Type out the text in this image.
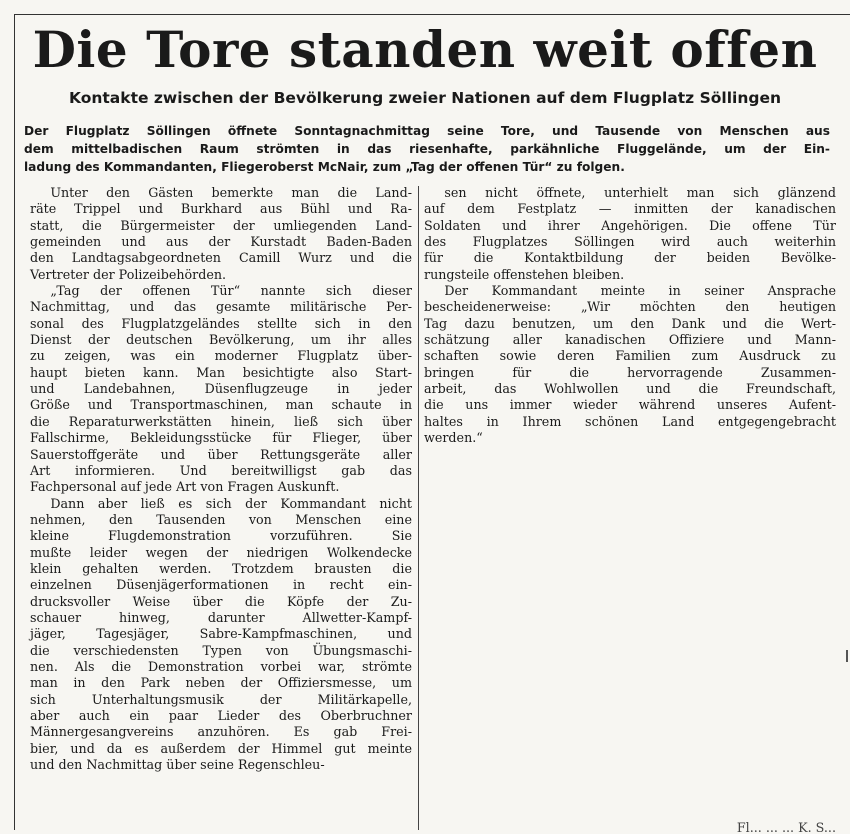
Die Tore standen weit offen
Kontakte zwischen der Bevölkerung zweier Nationen auf dem Flugplatz Söllingen
Der Flugplatz Söllingen öffnete Sonntagnachmittag seine Tore, und Tausende von Menschen aus
dem mittelbadischen Raum strömten in das riesenhafte, parkähnliche Fluggelände, um der Ein-
ladung des Kommandanten, Fliegeroberst McNair, zum „Tag der offenen Tür“ zu folgen.

Unter den Gästen bemerkte man die Land-
räte Trippel und Burkhard aus Bühl und Ra-
statt, die Bürgermeister der umliegenden Land-
gemeinden und aus der Kurstadt Baden-Baden
den Landtagsabgeordneten Camill Wurz und die
Vertreter der Polizeibehörden.

„Tag der offenen Tür“ nannte sich dieser
Nachmittag, und das gesamte militärische Per-
sonal des Flugplatzgeländes stellte sich in den
Dienst der deutschen Bevölkerung, um ihr alles
zu zeigen, was ein moderner Flugplatz über-
haupt bieten kann. Man besichtigte also Start-
und Landebahnen, Düsenflugzeuge in jeder
Größe und Transportmaschinen, man schaute in
die Reparaturwerkstätten hinein, ließ sich über
Fallschirme, Bekleidungsstücke für Flieger, über
Sauerstoffgeräte und über Rettungsgeräte aller
Art informieren. Und bereitwilligst gab das
Fachpersonal auf jede Art von Fragen Auskunft.

Dann aber ließ es sich der Kommandant nicht
nehmen, den Tausenden von Menschen eine
kleine Flugdemonstration vorzuführen. Sie
mußte leider wegen der niedrigen Wolkendecke
klein gehalten werden. Trotzdem brausten die
einzelnen Düsenjägerformationen in recht ein-
drucksvoller Weise über die Köpfe der Zu-
schauer hinweg, darunter Allwetter-Kampf-
jäger, Tagesjäger, Sabre-Kampfmaschinen, und
die verschiedensten Typen von Übungsmaschi-
nen. Als die Demonstration vorbei war, strömte
man in den Park neben der Offiziersmesse, um
sich Unterhaltungsmusik der Militärkapelle,
aber auch ein paar Lieder des Oberbruchner
Männergesangvereins anzuhören. Es gab Frei-
bier, und da es außerdem der Himmel gut meinte
und den Nachmittag über seine Regenschleu-

sen nicht öffnete, unterhielt man sich glänzend
auf dem Festplatz — inmitten der kanadischen
Soldaten und ihrer Angehörigen. Die offene Tür
des Flugplatzes Söllingen wird auch weiterhin
für die Kontaktbildung der beiden Bevölke-
rungsteile offenstehen bleiben.

Der Kommandant meinte in seiner Ansprache
bescheidenerweise: „Wir möchten den heutigen
Tag dazu benutzen, um den Dank und die Wert-
schätzung aller kanadischen Offiziere und Mann-
schaften sowie deren Familien zum Ausdruck zu
bringen für die hervorragende Zusammen-
arbeit, das Wohlwollen und die Freundschaft,
die uns immer wieder während unseres Aufent-
haltes in Ihrem schönen Land entgegengebracht
werden.“

Fl... ... ... K. S...
